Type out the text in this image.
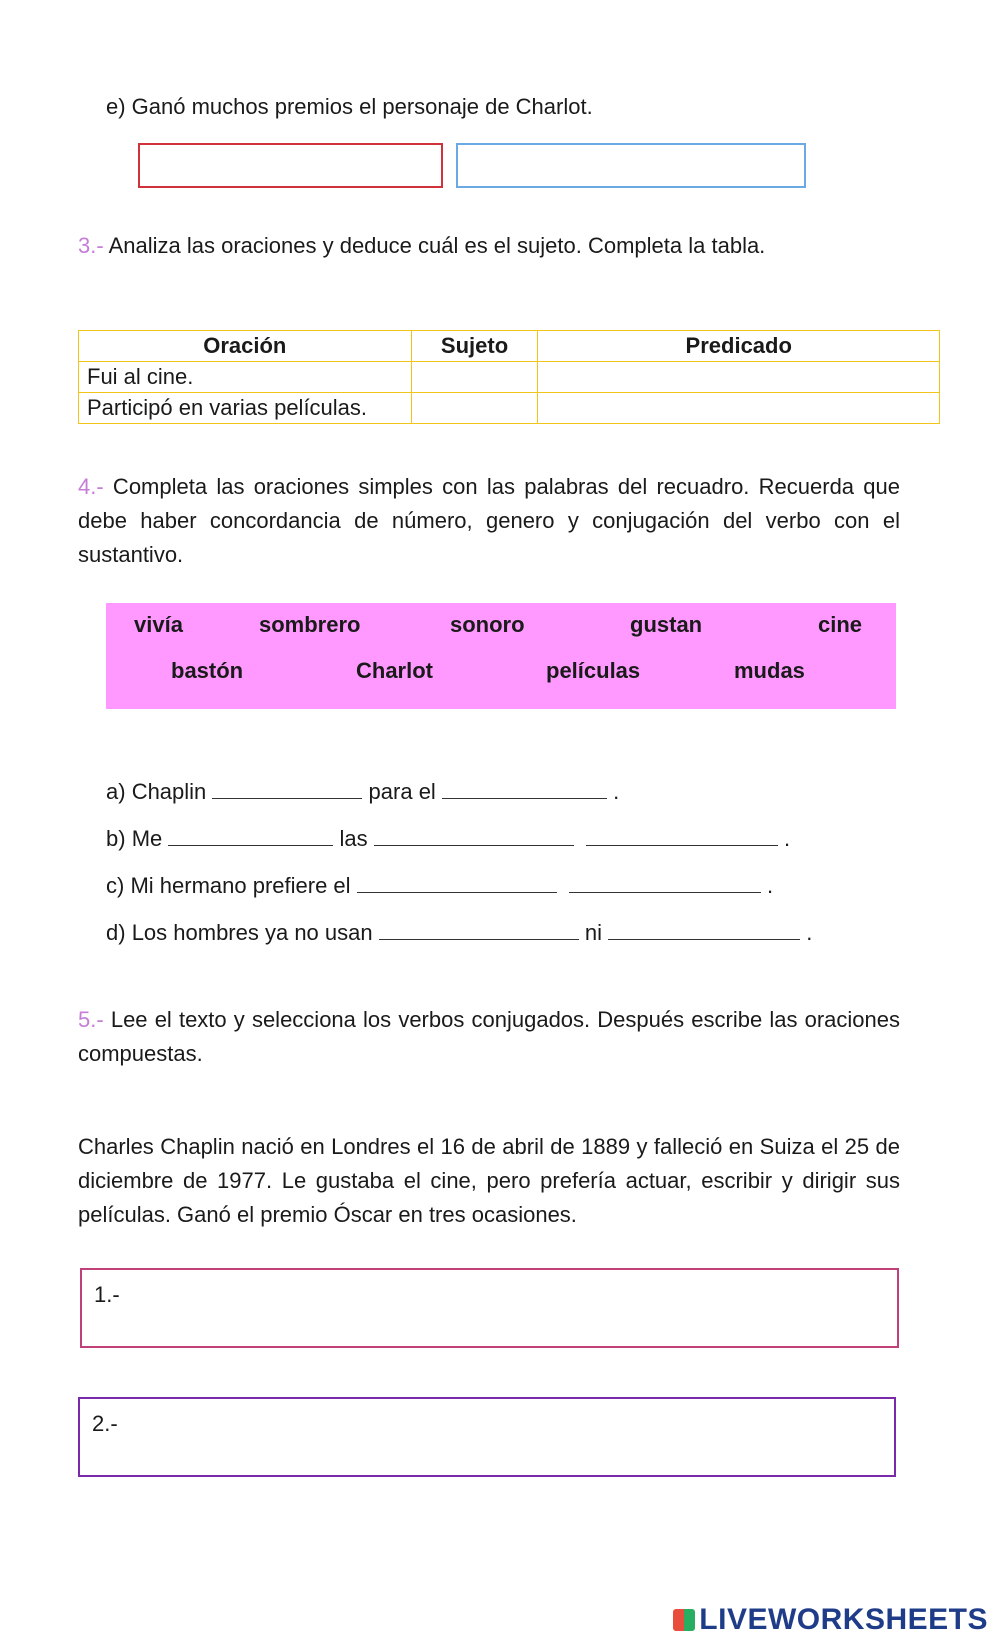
e) Ganó muchos premios el personaje de Charlot.
3.- Analiza las oraciones y deduce cuál es el sujeto. Completa la tabla.
Oración	Sujeto	Predicado
Fui al cine.		
Participó en varias películas.		
4.- Completa las oraciones simples con las palabras del recuadro. Recuerda que debe haber concordancia de número, genero y conjugación del verbo con el sustantivo.
vivía	sombrero	sonoro	gustan	cine
bastón	Charlot	películas	mudas
a) Chaplin	para el	.
b) Me	las	.
c) Mi hermano prefiere el	.
d) Los hombres ya no usan	ni	.
5.- Lee el texto y selecciona los verbos conjugados. Después escribe las oraciones compuestas.
Charles Chaplin nació en Londres el 16 de abril de 1889 y falleció en Suiza el 25 de diciembre de 1977. Le gustaba el cine, pero prefería actuar, escribir y dirigir sus películas. Ganó el premio Óscar en tres ocasiones.
1.-
2.-
LIVEWORKSHEETS
